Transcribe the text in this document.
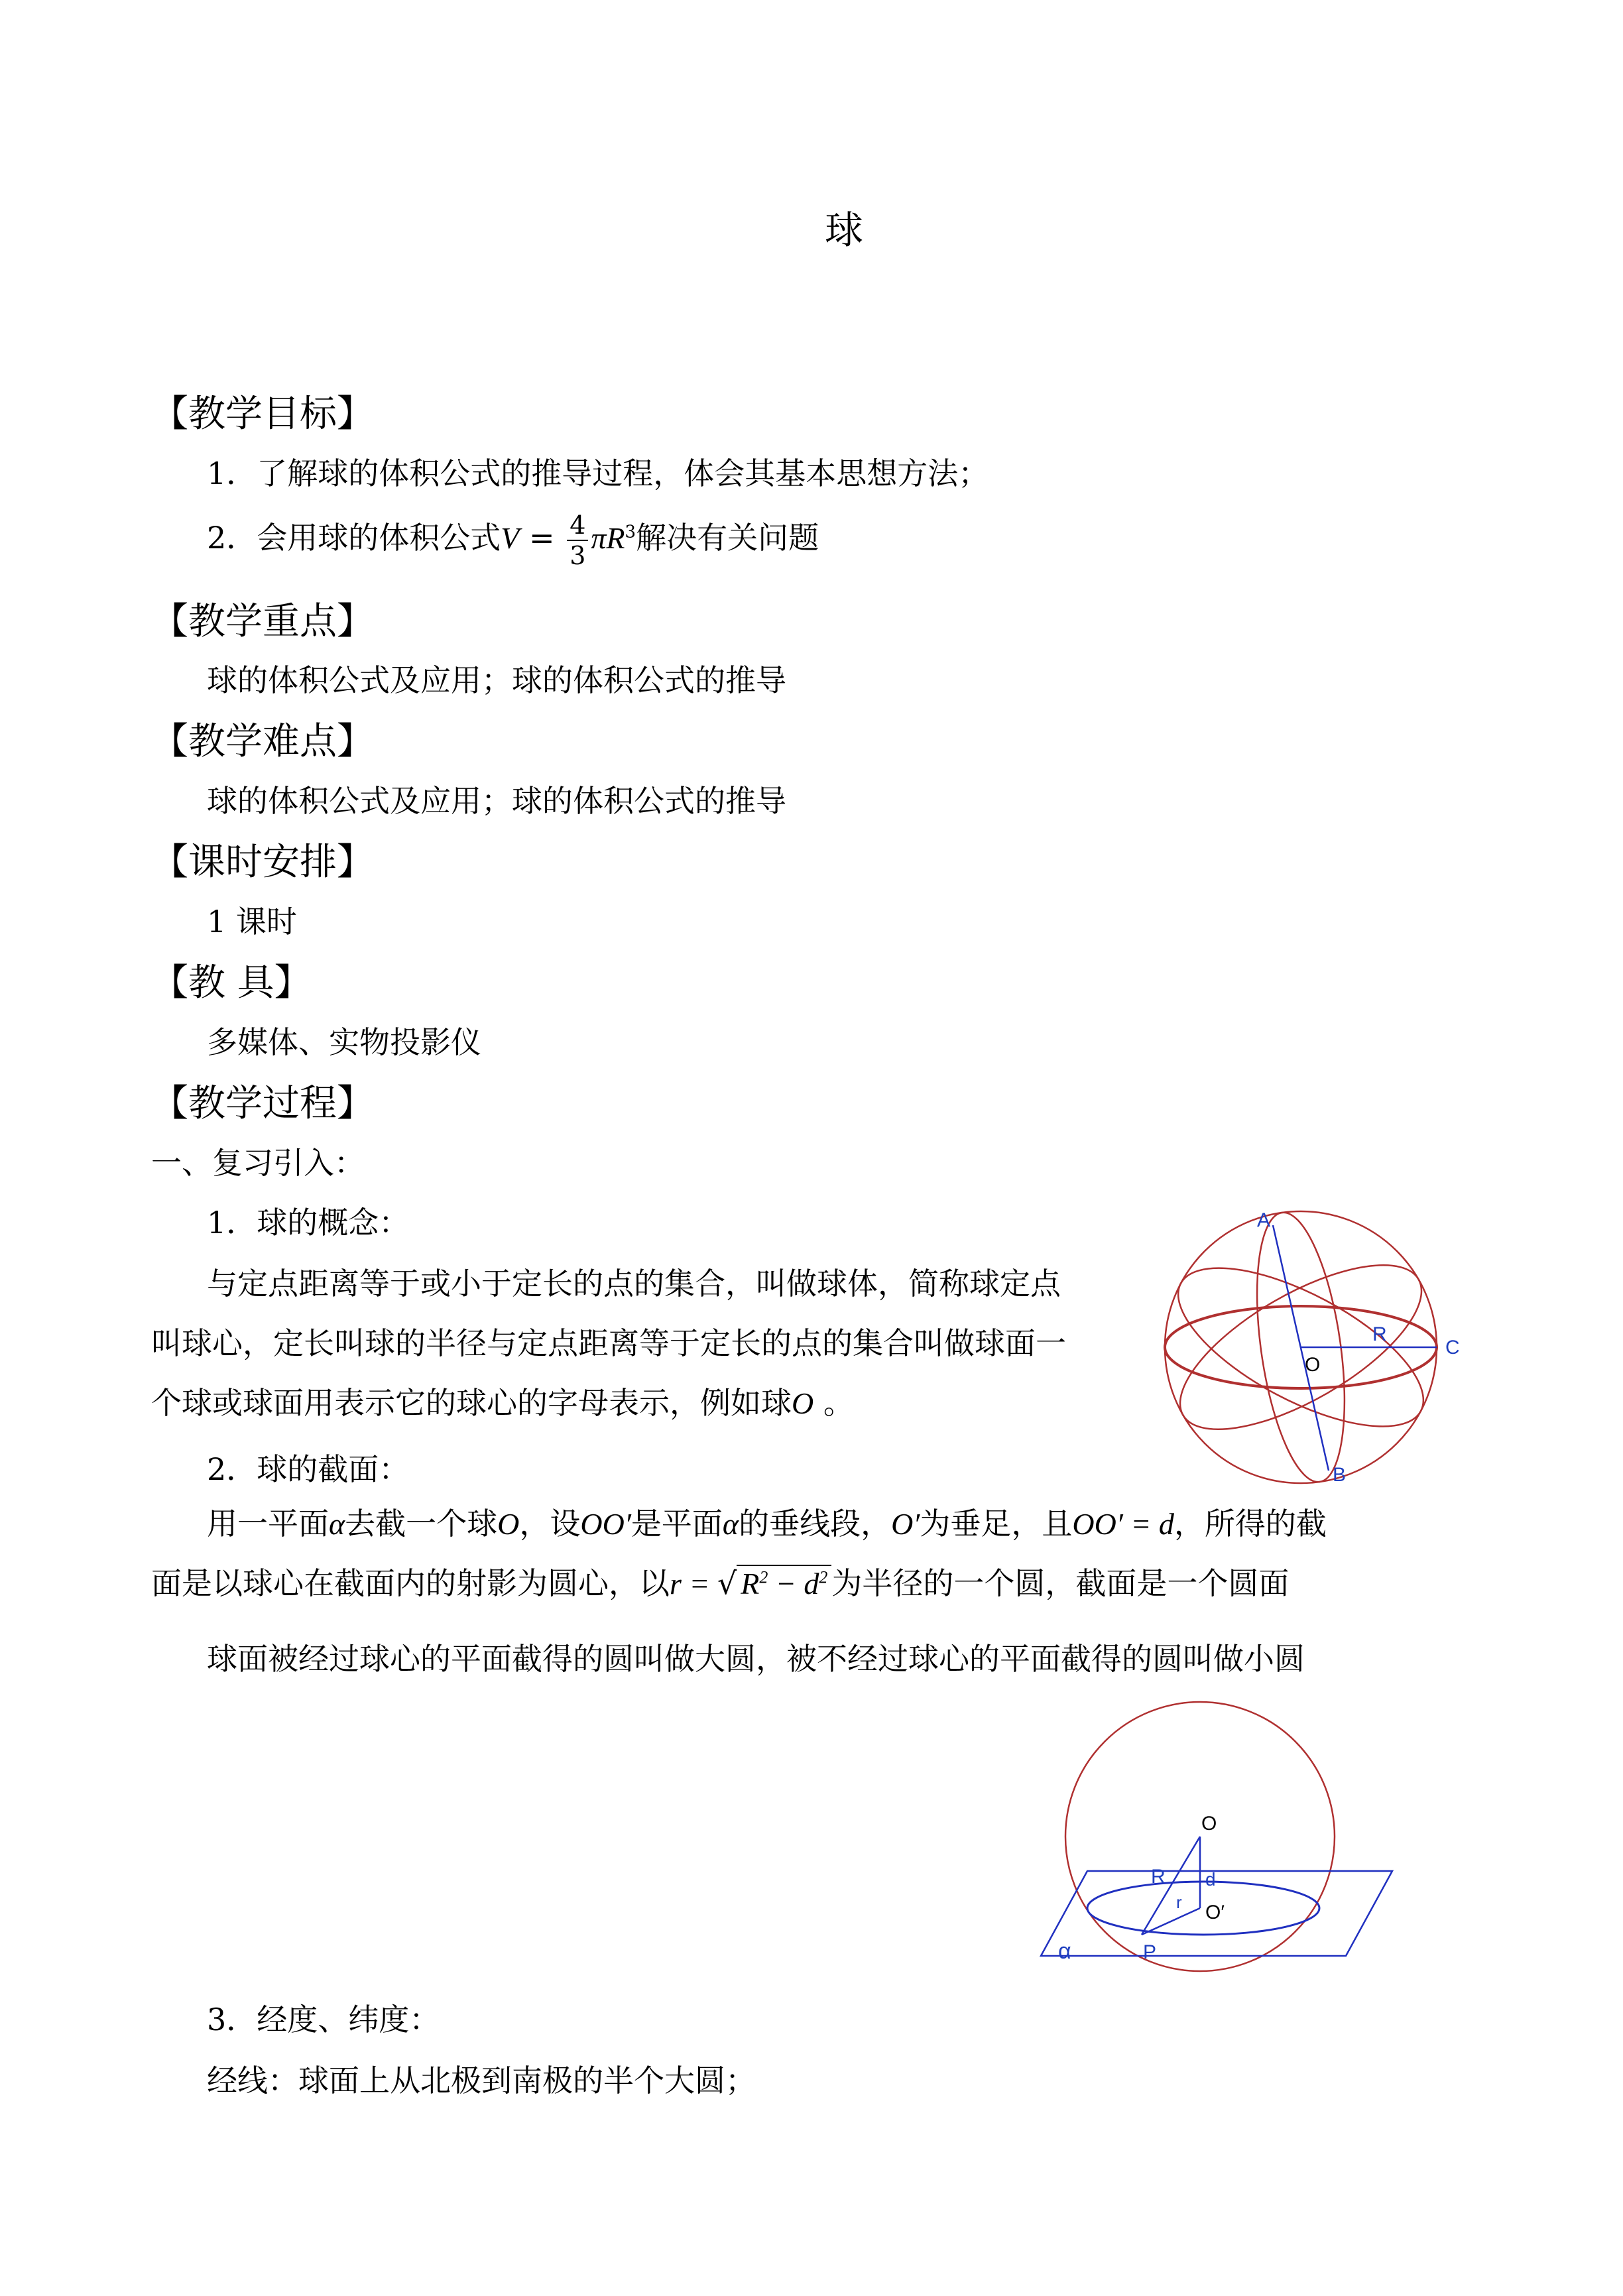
球
【教学目标】
1．了解球的体积公式的推导过程，体会其基本思想方法；
2．会用球的体积公式$V = \frac{4}{3} \pi R^3$解决有关问题
【教学重点】
球的体积公式及应用；球的体积公式的推导
【教学难点】
球的体积公式及应用；球的体积公式的推导
【课时安排】
1 课时
【教 具】
多媒体、实物投影仪
【教学过程】
一、复习引入：
1．球的概念：
与定点距离等于或小于定长的点的集合，叫做球体，简称球定点
叫球心，定长叫球的半径与定点距离等于定长的点的集合叫做球面一
个球或球面用表示它的球心的字母表示，例如球O 。
2．球的截面：
用一平面α去截一个球O，设OO′是平面α的垂线段，O′为垂足，且OO′ = d，所得的截
面是以球心在截面内的射影为圆心，以r = √ $R^2 - d^2$ 为半径的一个圆，截面是一个圆面
球面被经过球心的平面截得的圆叫做大圆，被不经过球心的平面截得的圆叫做小圆
3．经度、纬度：
经线：球面上从北极到南极的半个大圆；
A
B
C
R
O
O
R d
r O′
P
α
